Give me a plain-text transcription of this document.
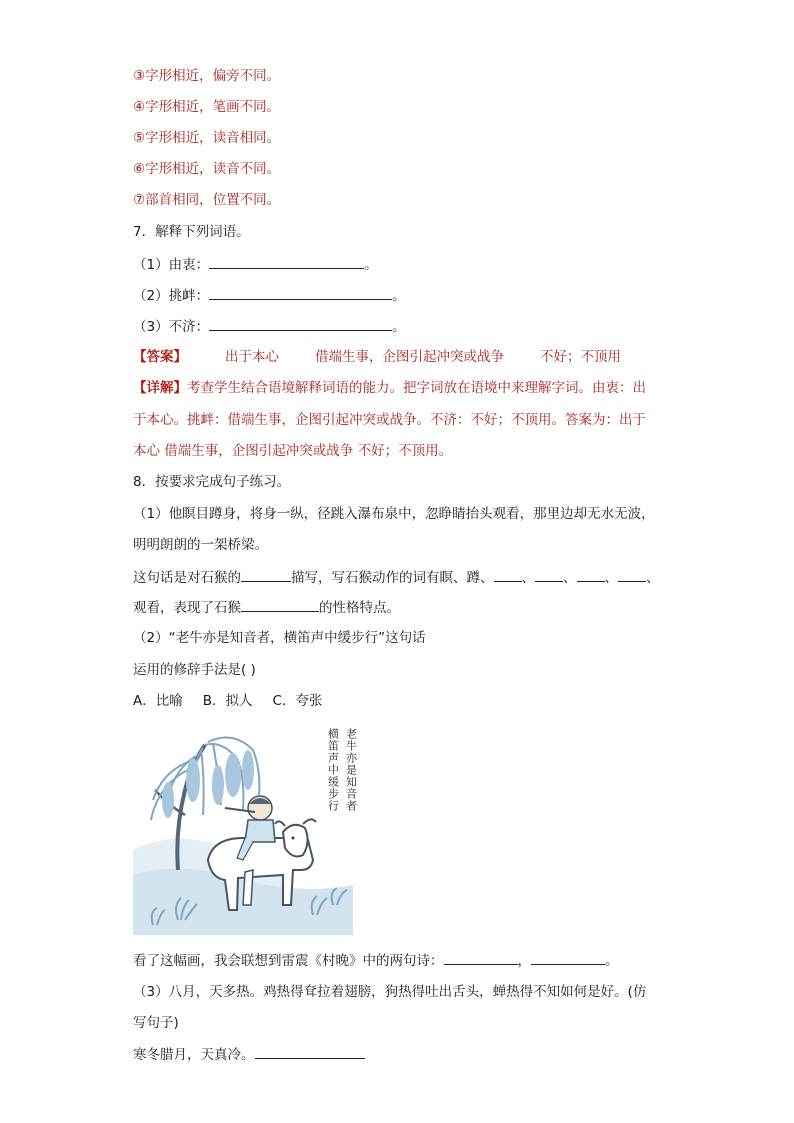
③字形相近，偏旁不同。
④字形相近，笔画不同。
⑤字形相近，读音相同。
⑥字形相近，读音不同。
⑦部首相同，位置不同。
7．解释下列词语。
（1）由衷：	。
（2）挑衅：	。
（3）不济：	。
【答案】	出于本心	借端生事，企图引起冲突或战争	不好；不顶用
【详解】考查学生结合语境解释词语的能力。把字词放在语境中来理解字词。由衷：出
于本心。挑衅：借端生事，企图引起冲突或战争。不济：不好；不顶用。答案为：出于
本心 借端生事，企图引起冲突或战争 不好；不顶用。
8．按要求完成句子练习。
（1）他瞑目蹲身，将身一纵，径跳入瀑布泉中，忽睁睛抬头观看，那里边却无水无波，
明明朗朗的一架桥梁。
这句话是对石猴的	描写，写石猴动作的词有瞑、蹲、 、 、 、 、
观看，表现了石猴	的性格特点。
（2）“老牛亦是知音者，横笛声中缓步行”这句话
运用的修辞手法是( )
A．比喻 B．拟人 C．夸张
老牛亦是知音者
横笛声中缓步行
看了这幅画，我会联想到雷震《村晚》中的两句诗：	，	。
（3）八月，天多热。鸡热得耷拉着翅膀，狗热得吐出舌头，蝉热得不知如何是好。(仿
写句子)
寒冬腊月，天真冷。
